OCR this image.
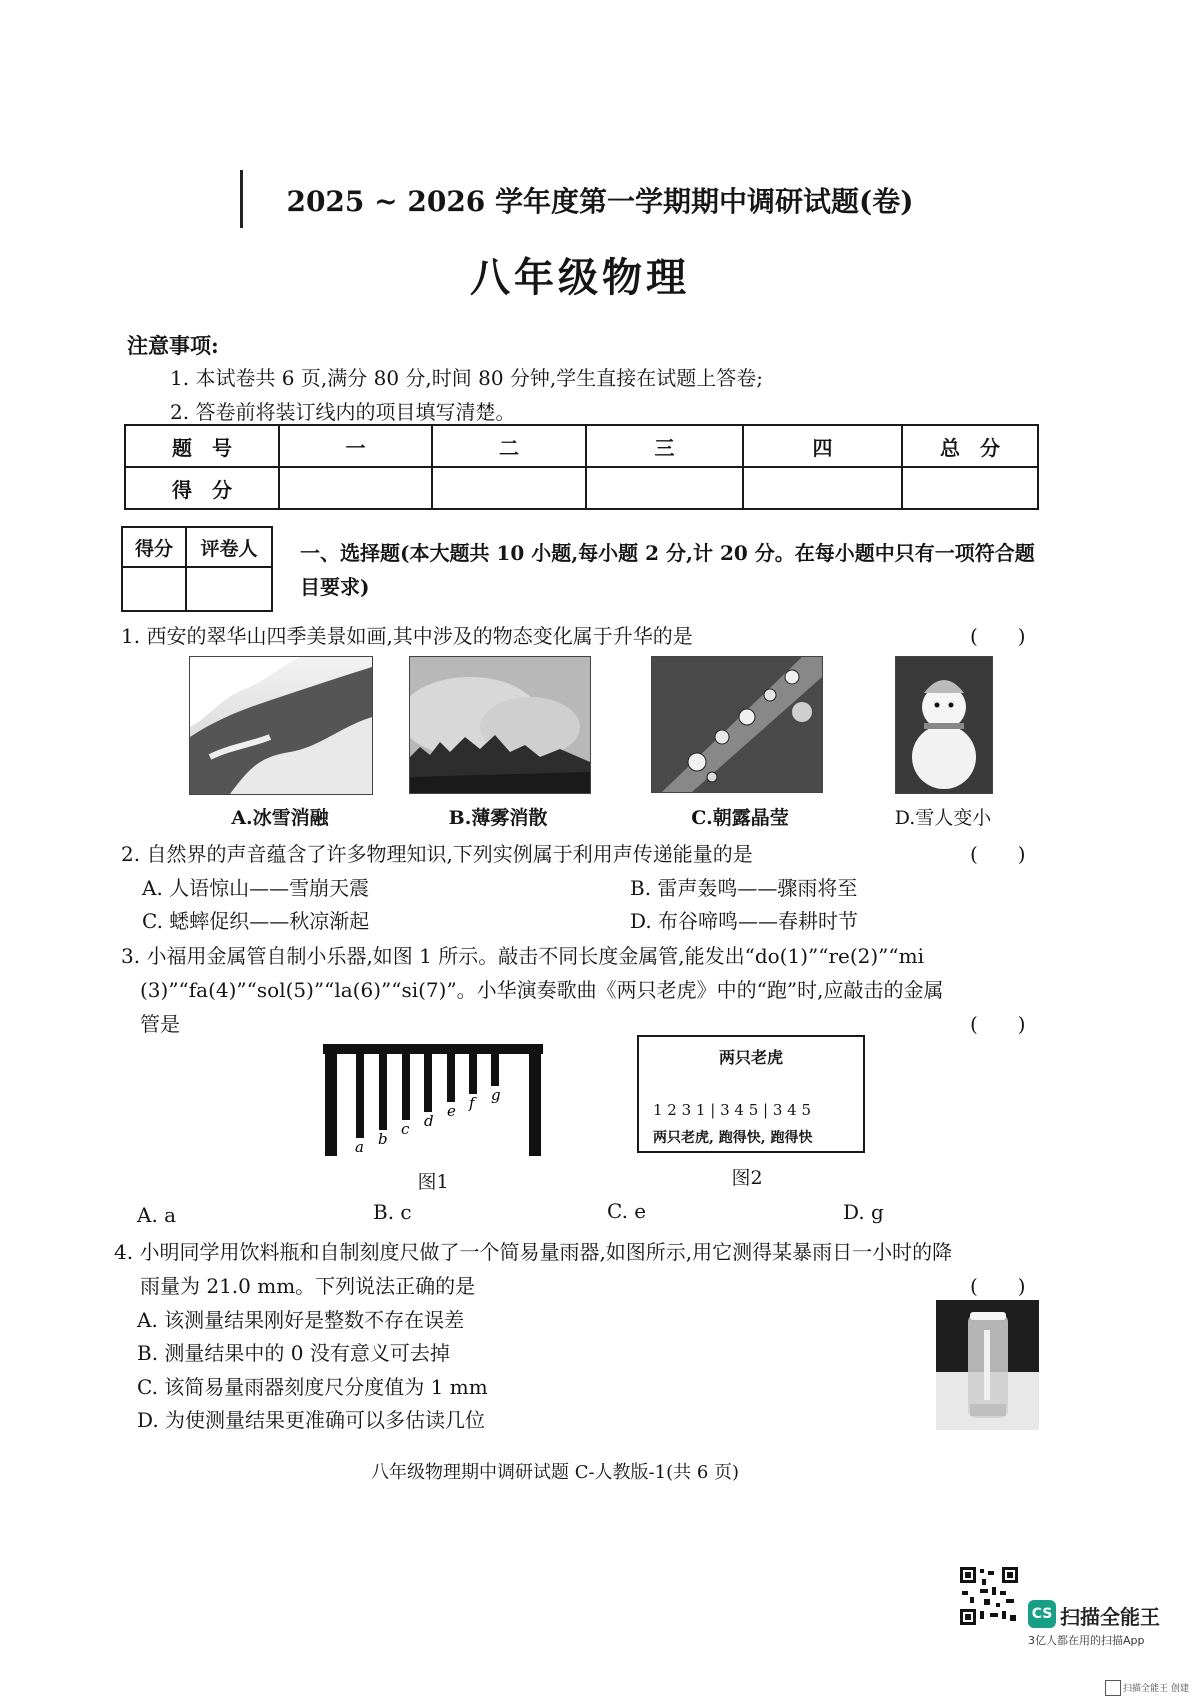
2025 ~ 2026 学年度第一学期期中调研试题(卷)
八年级物理
注意事项:
1. 本试卷共 6 页,满分 80 分,时间 80 分钟,学生直接在试题上答卷;
2. 答卷前将装订线内的项目填写清楚。
题　号	一	二	三	四	总　分
得　分					
得分	评卷人
	一、选择题(本大题共 10 小题,每小题 2 分,计 20 分。在每小题中只有一项符合题目要求)
1. 西安的翠华山四季美景如画,其中涉及的物态变化属于升华的是	(　　)
A.冰雪消融	B.薄雾消散	C.朝露晶莹	D.雪人变小
2. 自然界的声音蕴含了许多物理知识,下列实例属于利用声传递能量的是	(　　)
A. 人语惊山——雪崩天震	B. 雷声轰鸣——骤雨将至
C. 蟋蟀促织——秋凉渐起	D. 布谷啼鸣——春耕时节
3. 小福用金属管自制小乐器,如图 1 所示。敲击不同长度金属管,能发出“do(1)”“re(2)”“mi
(3)”“fa(4)”“sol(5)”“la(6)”“si(7)”。小华演奏歌曲《两只老虎》中的“跑”时,应敲击的金属
管是	(　　)
a b
c d
e f g
图1
两只老虎
1 2 3 1 | 3 4 5 | 3 4 5
两只老虎, 跑得快, 跑得快
图2
A. a	B. c	C. e	D. g
4. 小明同学用饮料瓶和自制刻度尺做了一个简易量雨器,如图所示,用它测得某暴雨日一小时的降
雨量为 21.0 mm。下列说法正确的是	(　　)
A. 该测量结果刚好是整数不存在误差
B. 测量结果中的 0 没有意义可去掉
C. 该简易量雨器刻度尺分度值为 1 mm
D. 为使测量结果更准确可以多估读几位
八年级物理期中调研试题 C-人教版-1(共 6 页)
CS 扫描全能王
3亿人都在用的扫描App
扫描全能王 创建
